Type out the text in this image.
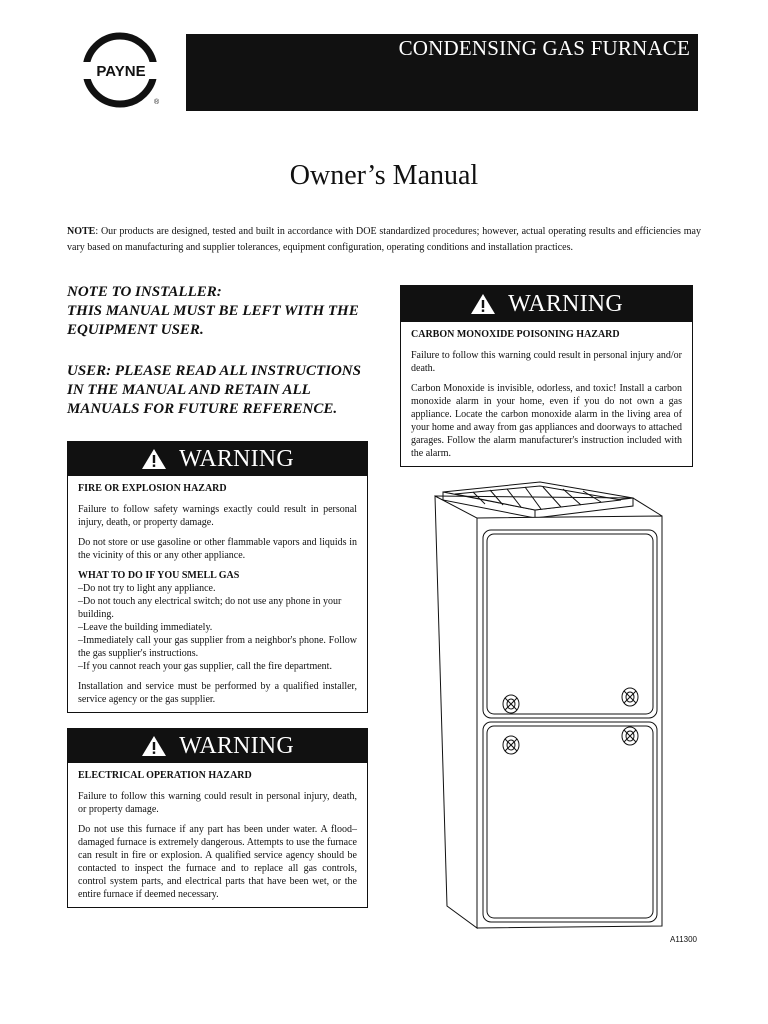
PAYNE
®
CONDENSING GAS FURNACE
Owner’s Manual
NOTE: Our products are designed, tested and built in accordance with DOE standardized procedures; however, actual operating results and efficiencies may vary based on manufacturing and supplier tolerances, equipment configuration, operating conditions and installation practices.
NOTE TO INSTALLER:
THIS MANUAL MUST BE LEFT WITH THE
EQUIPMENT USER.
USER: PLEASE READ ALL INSTRUCTIONS
IN THE MANUAL AND RETAIN ALL
MANUALS FOR FUTURE REFERENCE.
WARNING

CARBON MONOXIDE POISONING HAZARD

Failure to follow this warning could result in personal injury and/or death.

Carbon Monoxide is invisible, odorless, and toxic! Install a carbon monoxide alarm in your home, even if you do not own a gas appliance. Locate the carbon monoxide alarm in the living area of your home and away from gas appliances and doorways to attached garages. Follow the alarm manufacturer's instruction included with the alarm.

WARNING

FIRE OR EXPLOSION HAZARD

Failure to follow safety warnings exactly could result in personal injury, death, or property damage.

Do not store or use gasoline or other flammable vapors and liquids in the vicinity of this or any other appliance.

WHAT TO DO IF YOU SMELL GAS

–Do not try to light any appliance.
–Do not touch any electrical switch; do not use any phone in your building.
–Leave the building immediately.
–Immediately call your gas supplier from a neighbor's phone. Follow the gas supplier's instructions.
–If you cannot reach your gas supplier, call the fire department.

Installation and service must be performed by a qualified installer, service agency or the gas supplier.

WARNING

ELECTRICAL OPERATION HAZARD

Failure to follow this warning could result in personal injury, death, or property damage.

Do not use this furnace if any part has been under water. A flood–damaged furnace is extremely dangerous. Attempts to use the furnace can result in fire or explosion. A qualified service agency should be contacted to inspect the furnace and to replace all gas controls, control system parts, and electrical parts that have been wet, or the entire furnace if deemed necessary.

A11300
